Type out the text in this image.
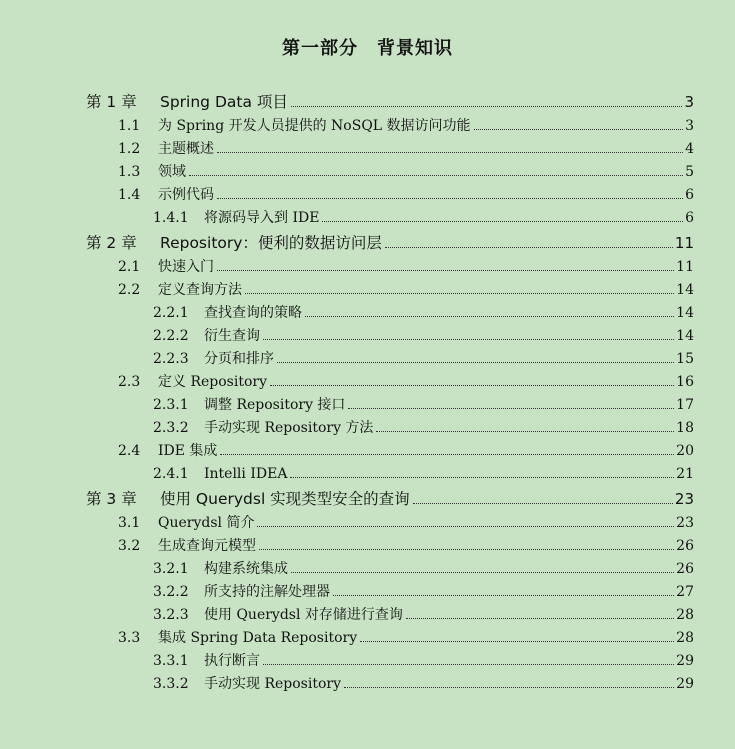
第一部分　背景知识
第 1 章 Spring Data 项目	3
1.1 为 Spring 开发人员提供的 NoSQL 数据访问功能	3
1.2 主题概述	4
1.3 领域	5
1.4 示例代码	6
1.4.1 将源码导入到 IDE	6
第 2 章 Repository：便利的数据访问层	11
2.1 快速入门	11
2.2 定义查询方法	14
2.2.1 查找查询的策略	14
2.2.2 衍生查询	14
2.2.3 分页和排序	15
2.3 定义 Repository	16
2.3.1 调整 Repository 接口	17
2.3.2 手动实现 Repository 方法	18
2.4 IDE 集成	20
2.4.1 Intelli IDEA	21
第 3 章 使用 Querydsl 实现类型安全的查询	23
3.1 Querydsl 简介	23
3.2 生成查询元模型	26
3.2.1 构建系统集成	26
3.2.2 所支持的注解处理器	27
3.2.3 使用 Querydsl 对存储进行查询	28
3.3 集成 Spring Data Repository	28
3.3.1 执行断言	29
3.3.2 手动实现 Repository	29
